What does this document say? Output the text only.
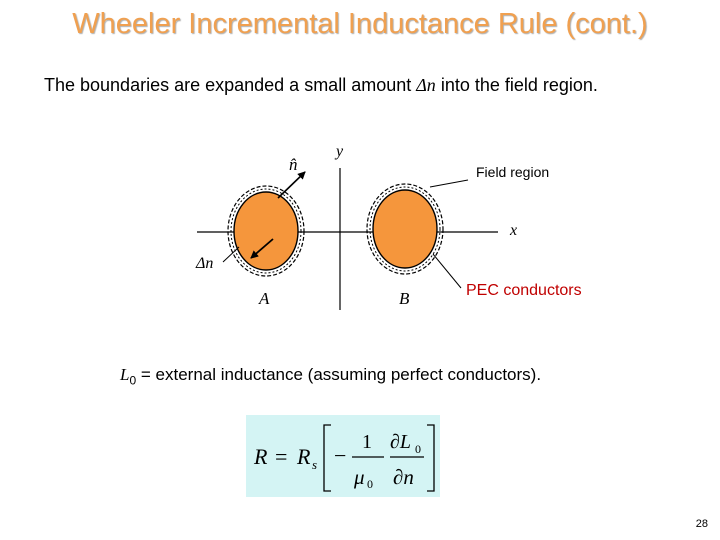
Wheeler Incremental Inductance Rule (cont.)
The boundaries are expanded a small amount Δn into the field region.
y
x
n̂	Field region
Δn
A	B	PEC conductors
$L_0$ = external inductance (assuming perfect conductors).
R = R s −
1
μ 0
∂L 0
∂n
28
